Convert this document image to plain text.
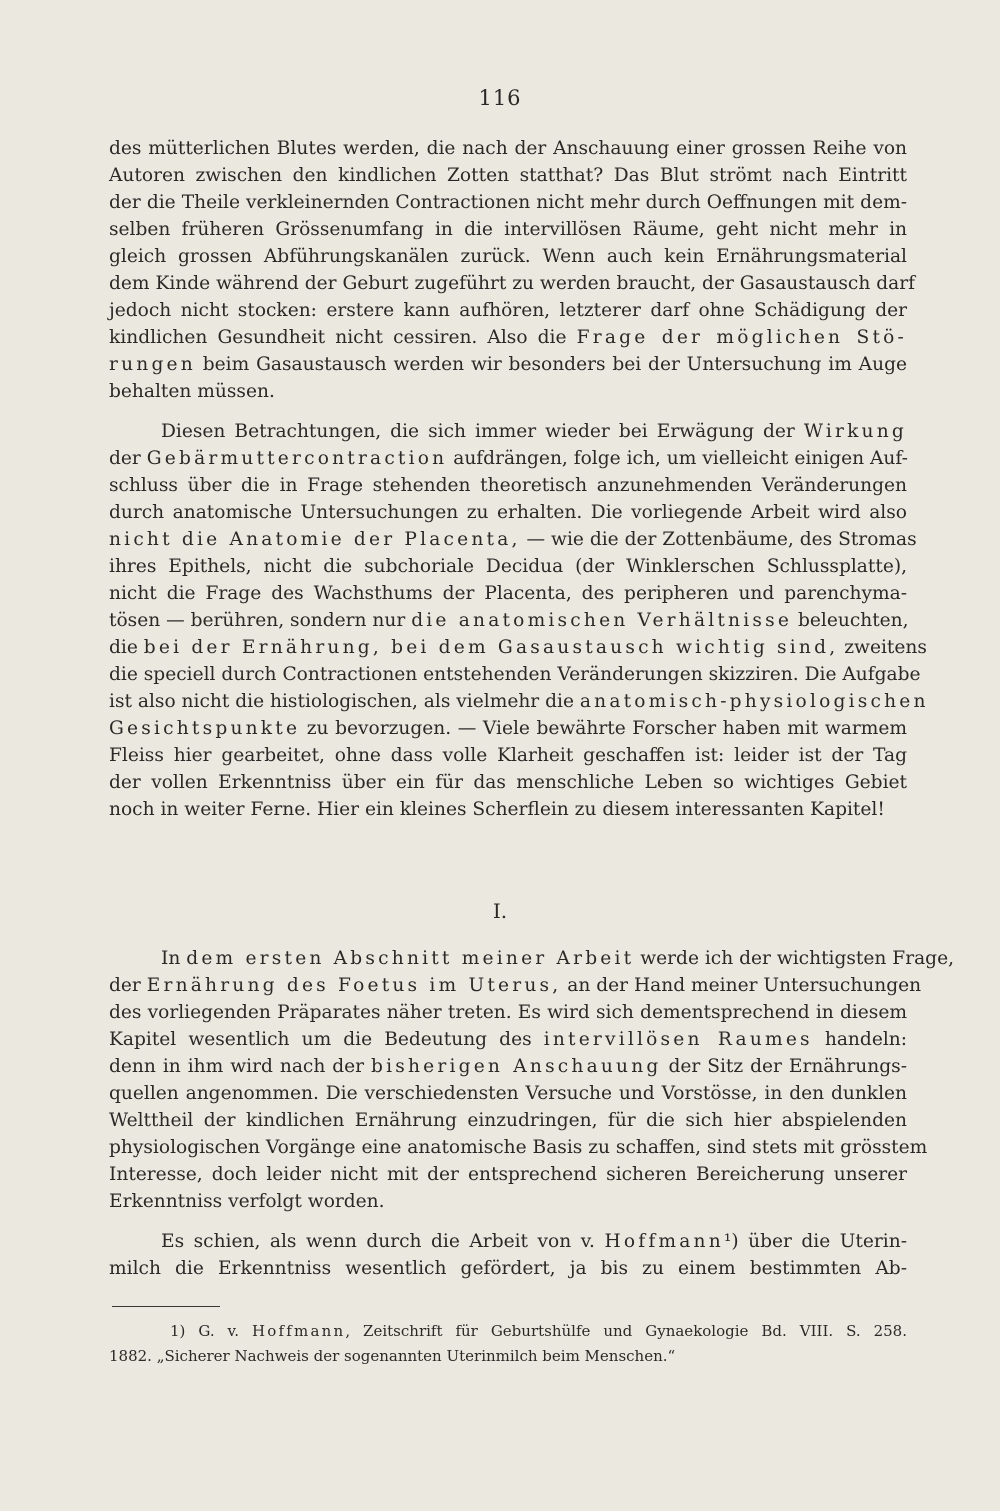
116
des mütterlichen Blutes werden, die nach der Anschauung einer grossen Reihe von
Autoren zwischen den kindlichen Zotten statthat? Das Blut strömt nach Eintritt
der die Theile verkleinernden Contractionen nicht mehr durch Oeffnungen mit dem-
selben früheren Grössenumfang in die intervillösen Räume, geht nicht mehr in
gleich grossen Abführungskanälen zurück. Wenn auch kein Ernährungsmaterial
dem Kinde während der Geburt zugeführt zu werden braucht, der Gasaustausch darf
jedoch nicht stocken: erstere kann aufhören, letzterer darf ohne Schädigung der
kindlichen Gesundheit nicht cessiren. Also die Frage der möglichen Stö-
rungen beim Gasaustausch werden wir besonders bei der Untersuchung im Auge
behalten müssen.
Diesen Betrachtungen, die sich immer wieder bei Erwägung der Wirkung
der Gebärmuttercontraction aufdrängen, folge ich, um vielleicht einigen Auf-
schluss über die in Frage stehenden theoretisch anzunehmenden Veränderungen
durch anatomische Untersuchungen zu erhalten. Die vorliegende Arbeit wird also
nicht die Anatomie der Placenta, — wie die der Zottenbäume, des Stromas
ihres Epithels, nicht die subchoriale Decidua (der Winklerschen Schlussplatte),
nicht die Frage des Wachsthums der Placenta, des peripheren und parenchyma-
tösen — berühren, sondern nur die anatomischen Verhältnisse beleuchten,
die bei der Ernährung, bei dem Gasaustausch wichtig sind, zweitens
die speciell durch Contractionen entstehenden Veränderungen skizziren. Die Aufgabe
ist also nicht die histiologischen, als vielmehr die anatomisch-physiologischen
Gesichtspunkte zu bevorzugen. — Viele bewährte Forscher haben mit warmem
Fleiss hier gearbeitet, ohne dass volle Klarheit geschaffen ist: leider ist der Tag
der vollen Erkenntniss über ein für das menschliche Leben so wichtiges Gebiet
noch in weiter Ferne. Hier ein kleines Scherflein zu diesem interessanten Kapitel!
I.
In dem ersten Abschnitt meiner Arbeit werde ich der wichtigsten Frage,
der Ernährung des Foetus im Uterus, an der Hand meiner Untersuchungen
des vorliegenden Präparates näher treten. Es wird sich dementsprechend in diesem
Kapitel wesentlich um die Bedeutung des intervillösen Raumes handeln:
denn in ihm wird nach der bisherigen Anschauung der Sitz der Ernährungs-
quellen angenommen. Die verschiedensten Versuche und Vorstösse, in den dunklen
Welttheil der kindlichen Ernährung einzudringen, für die sich hier abspielenden
physiologischen Vorgänge eine anatomische Basis zu schaffen, sind stets mit grösstem
Interesse, doch leider nicht mit der entsprechend sicheren Bereicherung unserer
Erkenntniss verfolgt worden.
Es schien, als wenn durch die Arbeit von v. Hoffmann¹) über die Uterin-
milch die Erkenntniss wesentlich gefördert, ja bis zu einem bestimmten Ab-
1) G. v. Hoffmann, Zeitschrift für Geburtshülfe und Gynaekologie Bd. VIII. S. 258.
1882. „Sicherer Nachweis der sogenannten Uterinmilch beim Menschen.“
